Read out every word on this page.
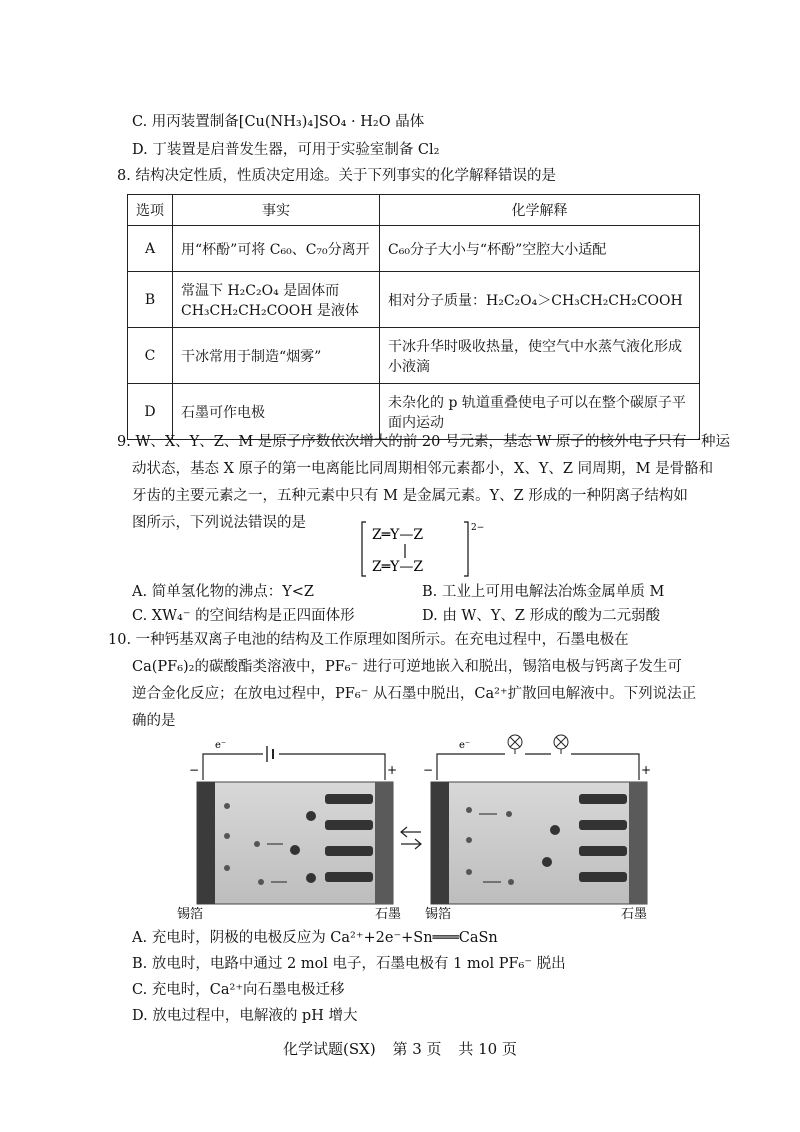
C. 用丙装置制备[Cu(NH₃)₄]SO₄ · H₂O 晶体
D. 丁装置是启普发生器，可用于实验室制备 Cl₂
8. 结构决定性质，性质决定用途。关于下列事实的化学解释错误的是
选项	事实	化学解释
A	用“杯酚”可将 C₆₀、C₇₀分离开	C₆₀分子大小与“杯酚”空腔大小适配
B	常温下 H₂C₂O₄ 是固体而 CH₃CH₂CH₂COOH 是液体	相对分子质量：H₂C₂O₄＞CH₃CH₂CH₂COOH
C	干冰常用于制造“烟雾”	干冰升华时吸收热量，使空气中水蒸气液化形成小液滴
D	石墨可作电极	未杂化的 p 轨道重叠使电子可以在整个碳原子平面内运动
9. W、X、Y、Z、M 是原子序数依次增大的前 20 号元素，基态 W 原子的核外电子只有一种运
动状态，基态 X 原子的第一电离能比同周期相邻元素都小，X、Y、Z 同周期，M 是骨骼和
牙齿的主要元素之一，五种元素中只有 M 是金属元素。Y、Z 形成的一种阴离子结构如
图所示，下列说法错误的是
Z═Y—Z
Z═Y—Z
2−
A. 简单氢化物的沸点：Y<Z	B. 工业上可用电解法冶炼金属单质 M
C. XW₄⁻ 的空间结构是正四面体形	D. 由 W、Y、Z 形成的酸为二元弱酸
10. 一种钙基双离子电池的结构及工作原理如图所示。在充电过程中，石墨电极在
Ca(PF₆)₂的碳酸酯类溶液中，PF₆⁻ 进行可逆地嵌入和脱出，锡箔电极与钙离子发生可
逆合金化反应；在放电过程中，PF₆⁻ 从石墨中脱出，Ca²⁺扩散回电解液中。下列说法正
确的是
e⁻
−	+
e⁻
−	+
锡箔	石墨 锡箔	石墨
A. 充电时，阴极的电极反应为 Ca²⁺+2e⁻+Sn═══CaSn
B. 放电时，电路中通过 2 mol 电子，石墨电极有 1 mol PF₆⁻ 脱出
C. 充电时，Ca²⁺向石墨电极迁移
D. 放电过程中，电解液的 pH 增大
化学试题(SX) 第 3 页 共 10 页
